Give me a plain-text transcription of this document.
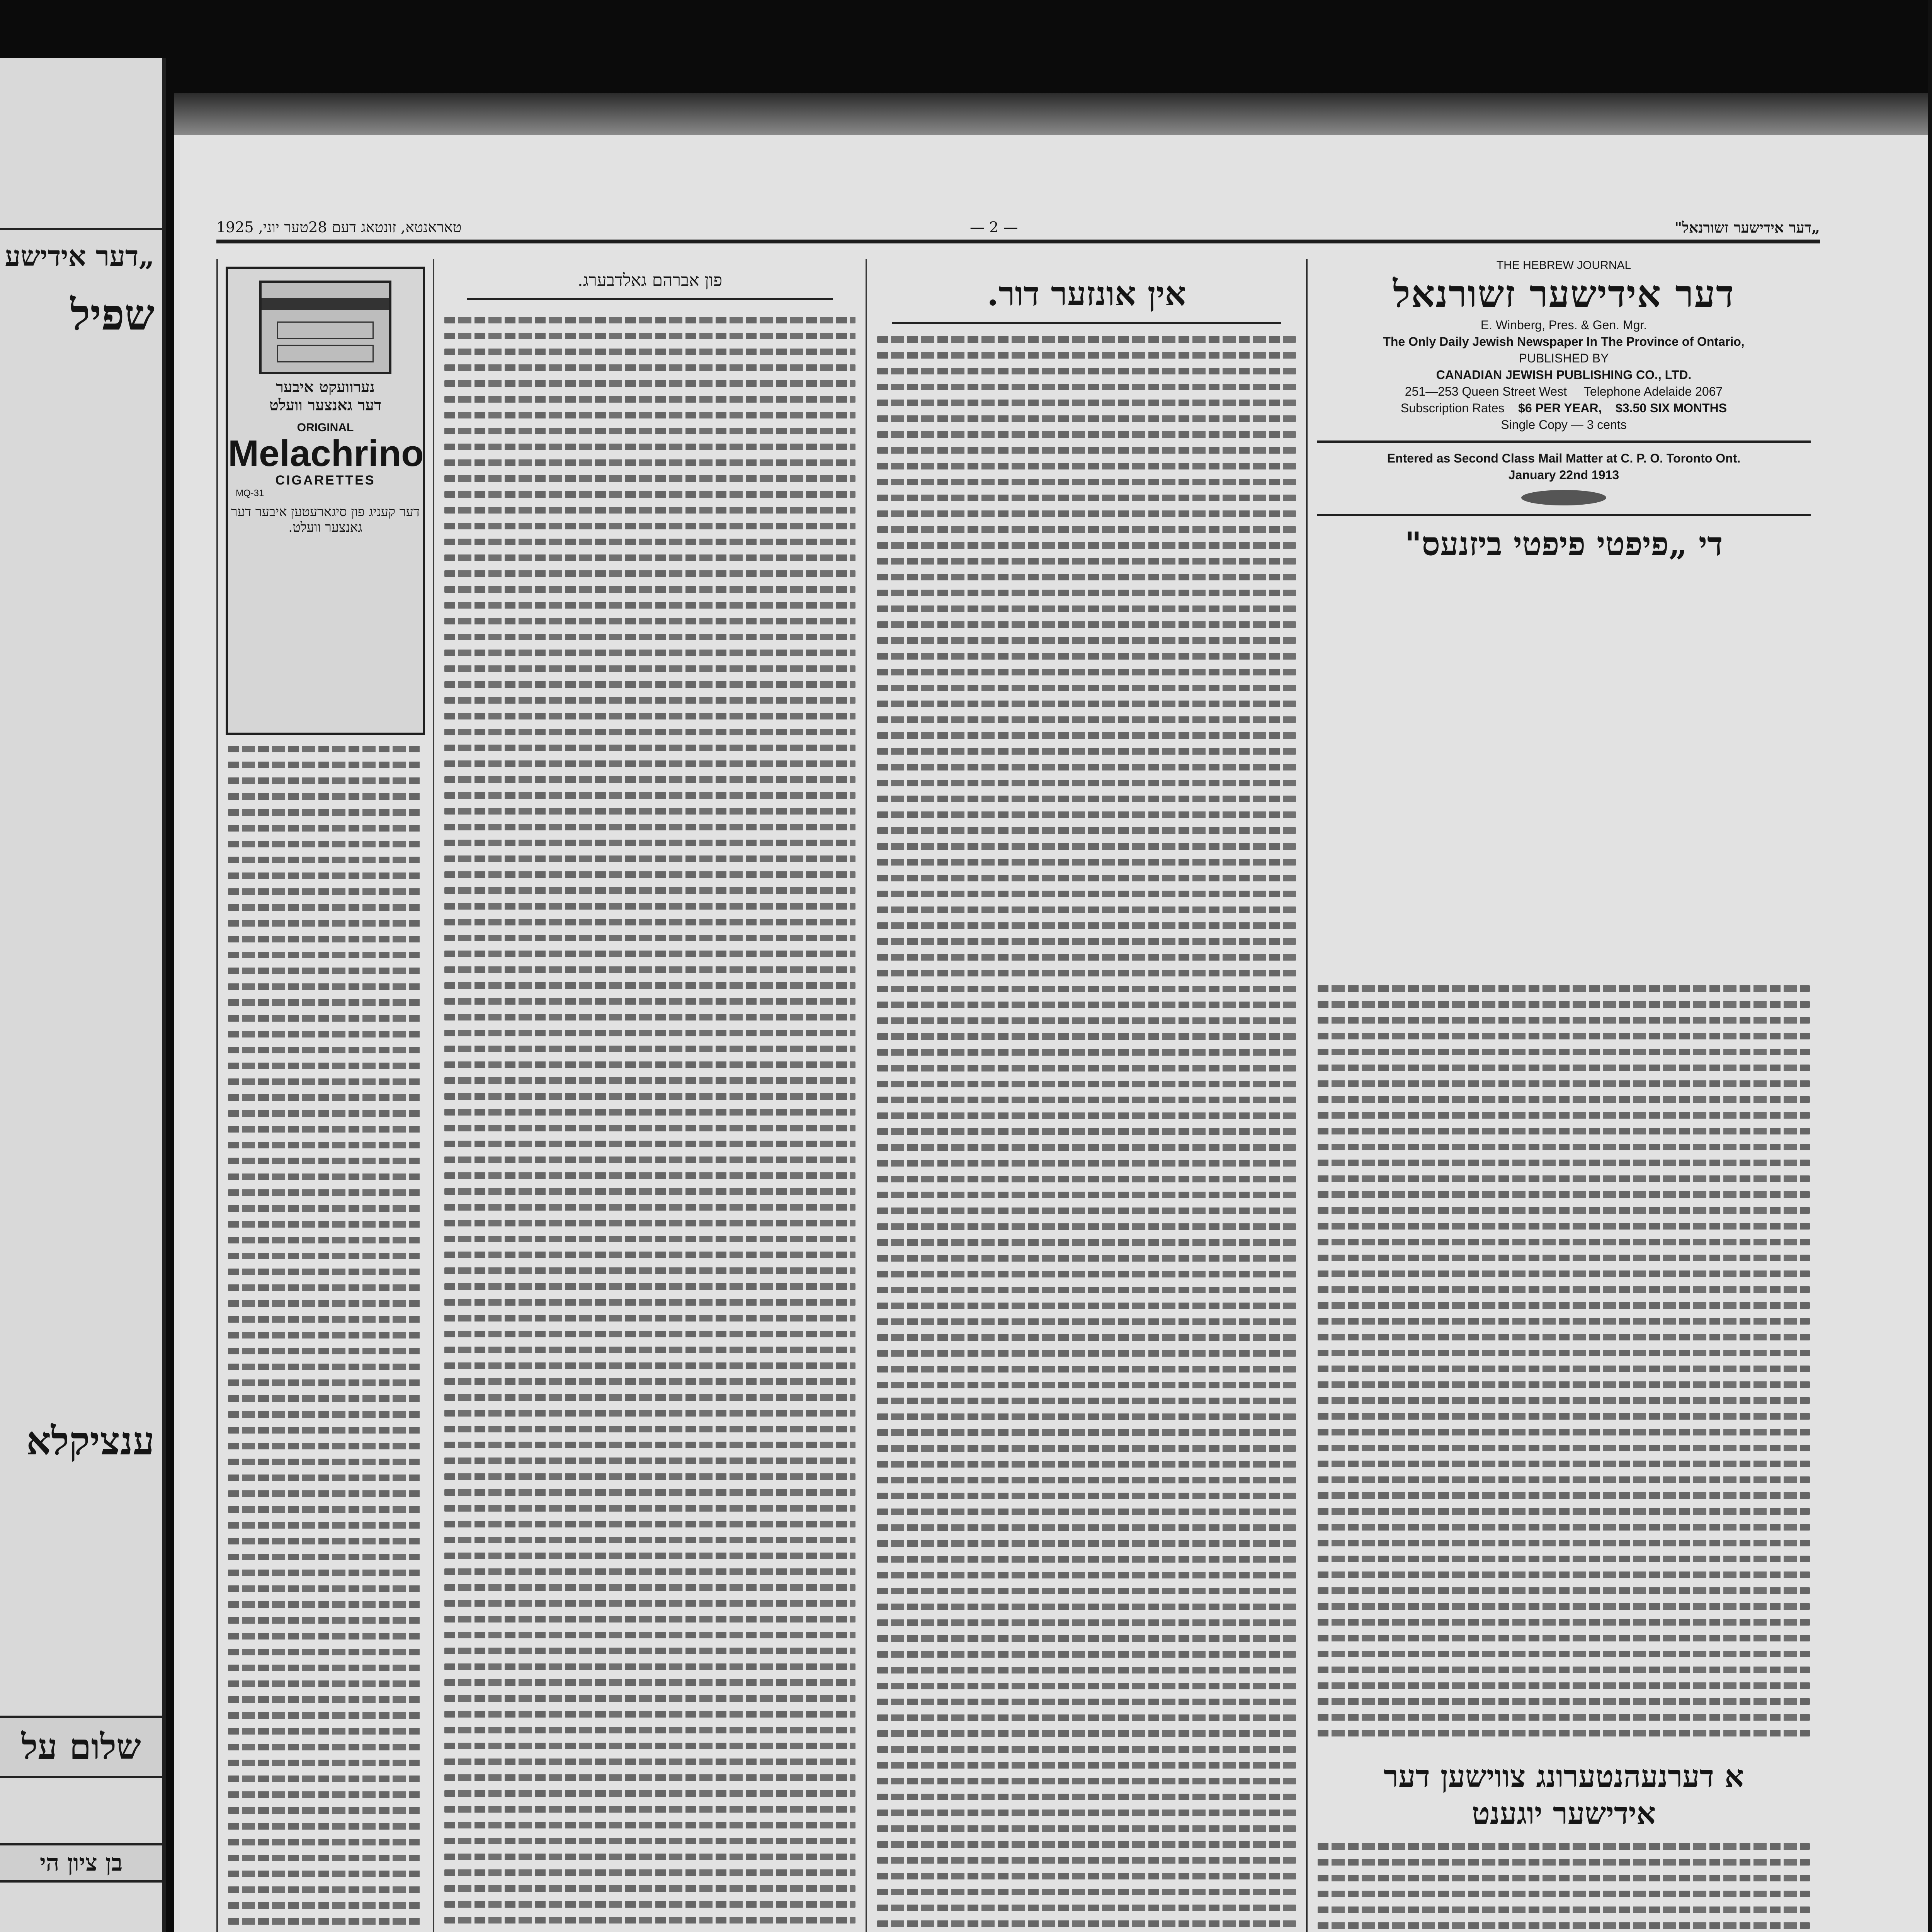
„דער אידישע
שפיל
ענציקלא
שלום על
בן ציון הי
„דער אידישער זשורנאל"
— 2 —
טאראנטא, זונטאג דעם 28טער יוני, 1925
THE HEBREW JOURNAL
דער אידישער זשורנאל
E. Winberg, Pres. & Gen. Mgr.
The Only Daily Jewish Newspaper In The Province of Ontario,
PUBLISHED BY
CANADIAN JEWISH PUBLISHING CO., LTD.
251—253 Queen Street West Telephone Adelaide 2067
Subscription Rates $6 PER YEAR, $3.50 SIX MONTHS
Single Copy — 3 cents
Entered as Second Class Mail Matter at C. P. O. Toronto Ont.
January 22nd 1913
די „פיפטי פיפטי ביזנעס"
א דערנעהנטערונג צווישען דער
אידישער יוגענט
אין אונזער דור.
פון אברהם גאלדבערג.
נערוועקט איבער
דער גאנצער וועלט
ORIGINAL
Melachrino
CIGARETTES
MQ-31
דער קעניג פון סיגארעטען איבער דער
גאנצער וועלט.
